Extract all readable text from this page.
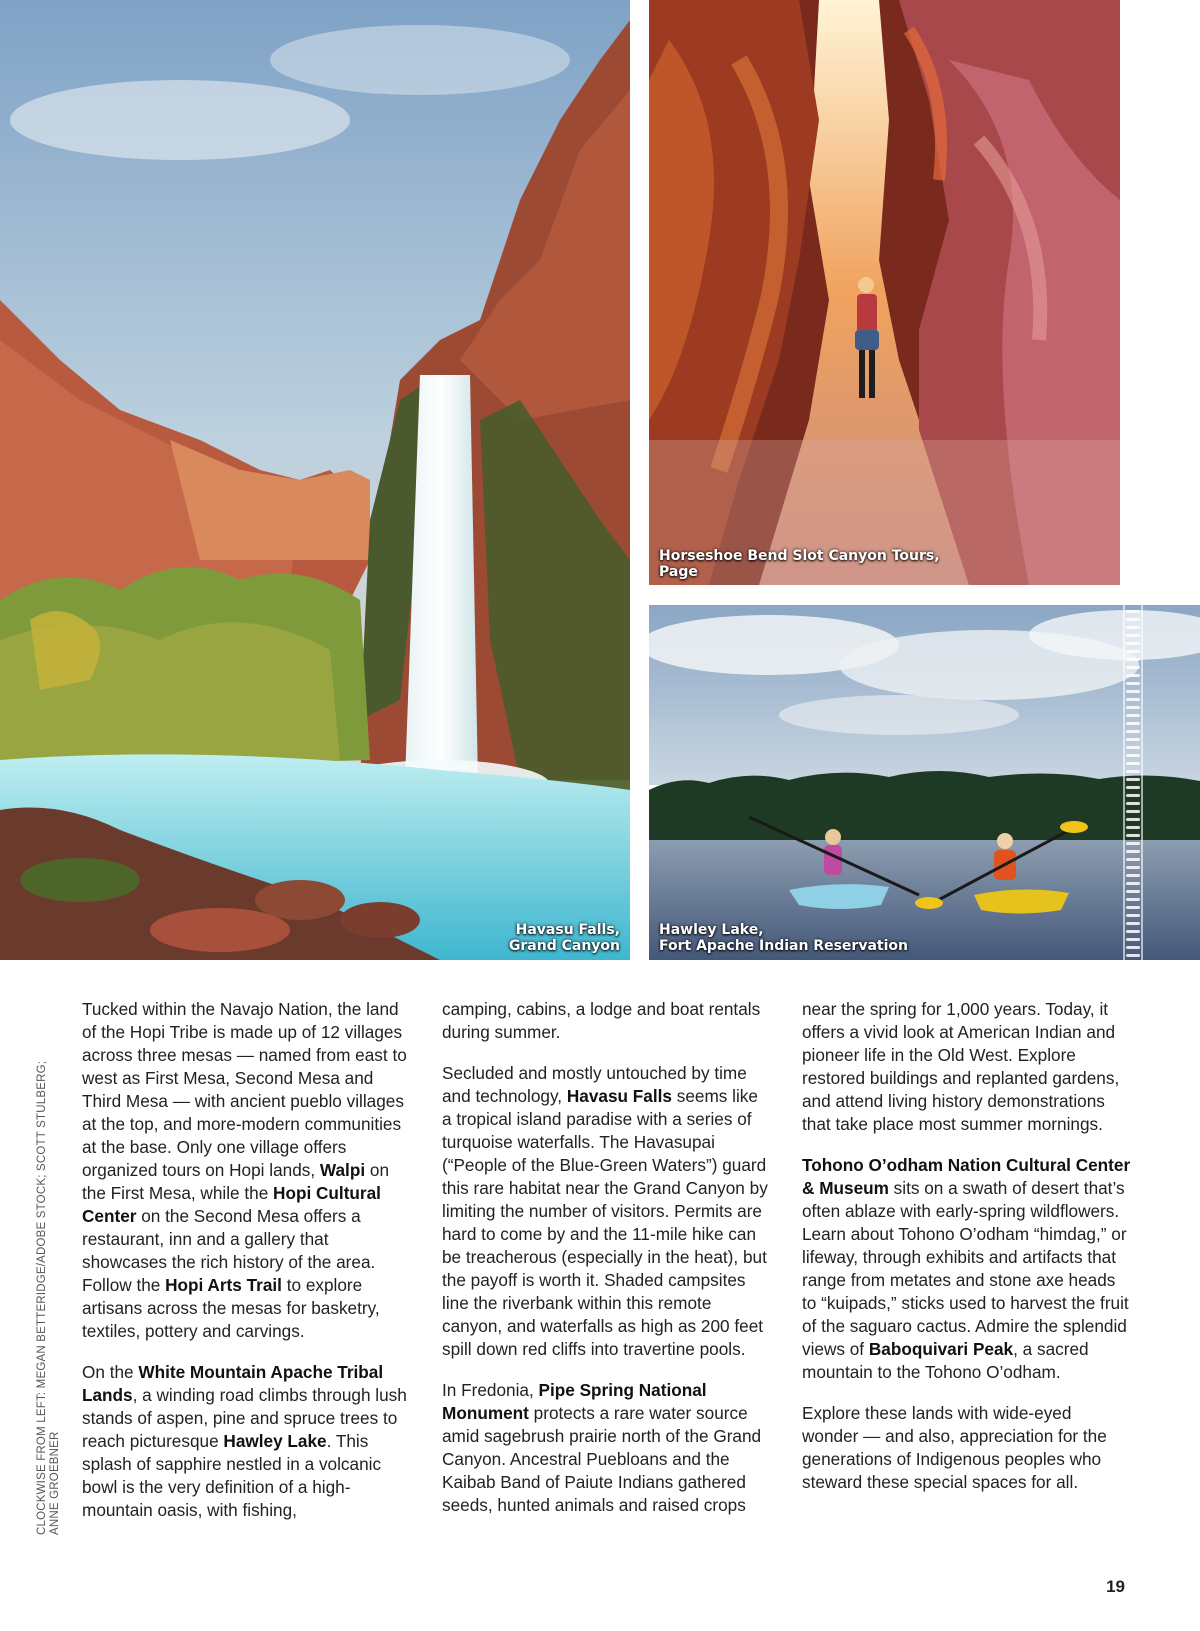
Havasu Falls,
Grand Canyon
Horseshoe Bend Slot Canyon Tours,
Page
Hawley Lake,
Fort Apache Indian Reservation

Tucked within the Navajo Nation, the land of the Hopi Tribe is made up of 12 villages across three mesas — named from east to west as First Mesa, Second Mesa and Third Mesa — with ancient pueblo villages at the top, and more-modern communities at the base. Only one village offers organized tours on Hopi lands, Walpi on the First Mesa, while the Hopi Cultural Center on the Second Mesa offers a restaurant, inn and a gallery that showcases the rich history of the area. Follow the Hopi Arts Trail to explore artisans across the mesas for basketry, textiles, pottery and carvings.

On the White Mountain Apache Tribal Lands, a winding road climbs through lush stands of aspen, pine and spruce trees to reach picturesque Hawley Lake. This splash of sapphire nestled in a volcanic bowl is the very definition of a high-mountain oasis, with fishing,

camping, cabins, a lodge and boat rentals during summer.

Secluded and mostly untouched by time and technology, Havasu Falls seems like a tropical island paradise with a series of turquoise waterfalls. The Havasupai (“People of the Blue-Green Waters”) guard this rare habitat near the Grand Canyon by limiting the number of visitors. Permits are hard to come by and the 11-mile hike can be treacherous (especially in the heat), but the payoff is worth it. Shaded campsites line the riverbank within this remote canyon, and waterfalls as high as 200 feet spill down red cliffs into travertine pools.

In Fredonia, Pipe Spring National Monument protects a rare water source amid sagebrush prairie north of the Grand Canyon. Ancestral Puebloans and the Kaibab Band of Paiute Indians gathered seeds, hunted animals and raised crops

near the spring for 1,000 years. Today, it offers a vivid look at American Indian and pioneer life in the Old West. Explore restored buildings and replanted gardens, and attend living history demonstrations that take place most summer mornings.

Tohono O’odham Nation Cultural Center & Museum sits on a swath of desert that’s often ablaze with early-spring wildflowers. Learn about Tohono O’odham “himdag,” or lifeway, through exhibits and artifacts that range from metates and stone axe heads to “kuipads,” sticks used to harvest the fruit of the saguaro cactus. Admire the splendid views of Baboquivari Peak, a sacred mountain to the Tohono O’odham.

Explore these lands with wide-eyed wonder — and also, appreciation for the generations of Indigenous peoples who steward these special spaces for all.

CLOCKWISE FROM LEFT: MEGAN BETTERIDGE/ADOBE STOCK; SCOTT STULBERG; ANNE GROEBNER
19
